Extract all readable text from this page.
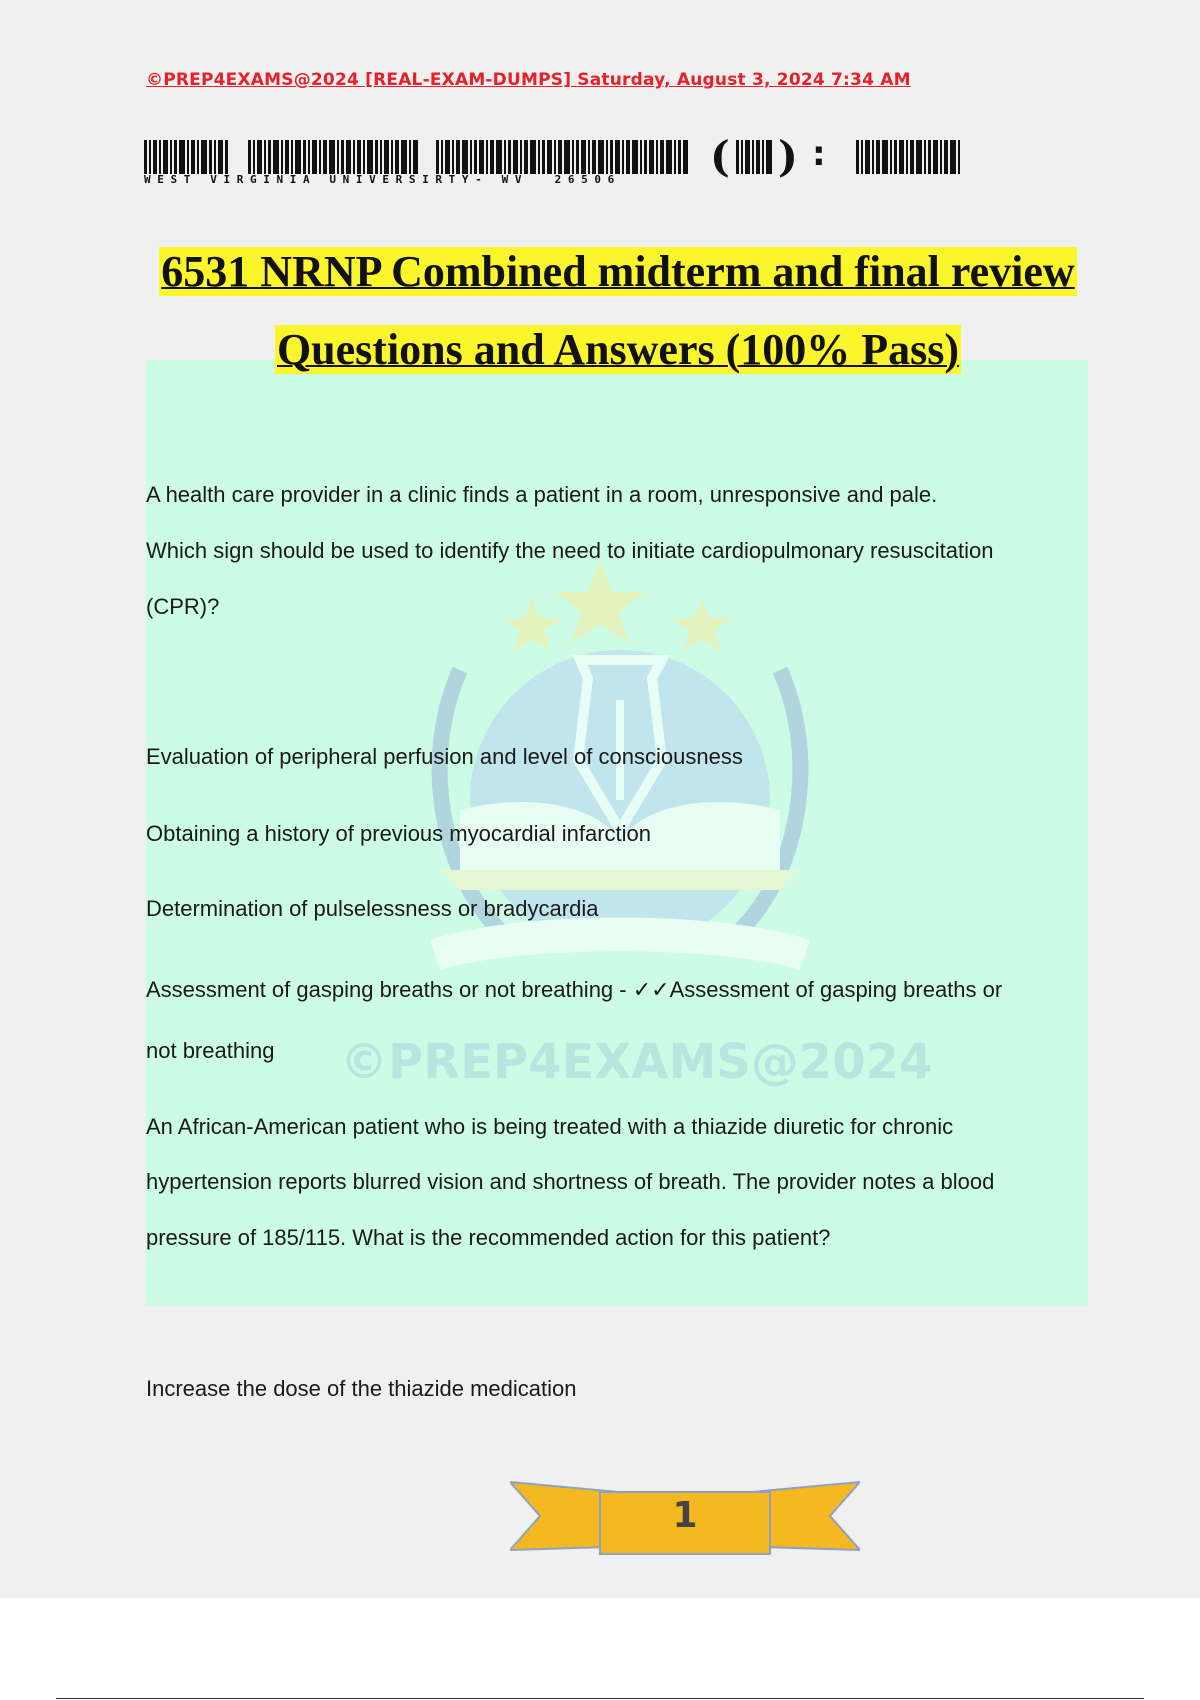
©PREP4EXAMS@2024 [REAL-EXAM-DUMPS] Saturday, August 3, 2024 7:34 AM
( ) :
W E S T   V I R G I N I A   U N I V E R S I R T Y -   W V     2 6 5 0 6
6531 NRNP Combined midterm and final review
Questions and Answers (100% Pass)
©PREP4EXAMS@2024
A health care provider in a clinic finds a patient in a room, unresponsive and pale.
Which sign should be used to identify the need to initiate cardiopulmonary resuscitation
(CPR)?
Evaluation of peripheral perfusion and level of consciousness
Obtaining a history of previous myocardial infarction
Determination of pulselessness or bradycardia
Assessment of gasping breaths or not breathing - ✓✓Assessment of gasping breaths or
not breathing
An African-American patient who is being treated with a thiazide diuretic for chronic
hypertension reports blurred vision and shortness of breath. The provider notes a blood
pressure of 185/115. What is the recommended action for this patient?
Increase the dose of the thiazide medication
1
